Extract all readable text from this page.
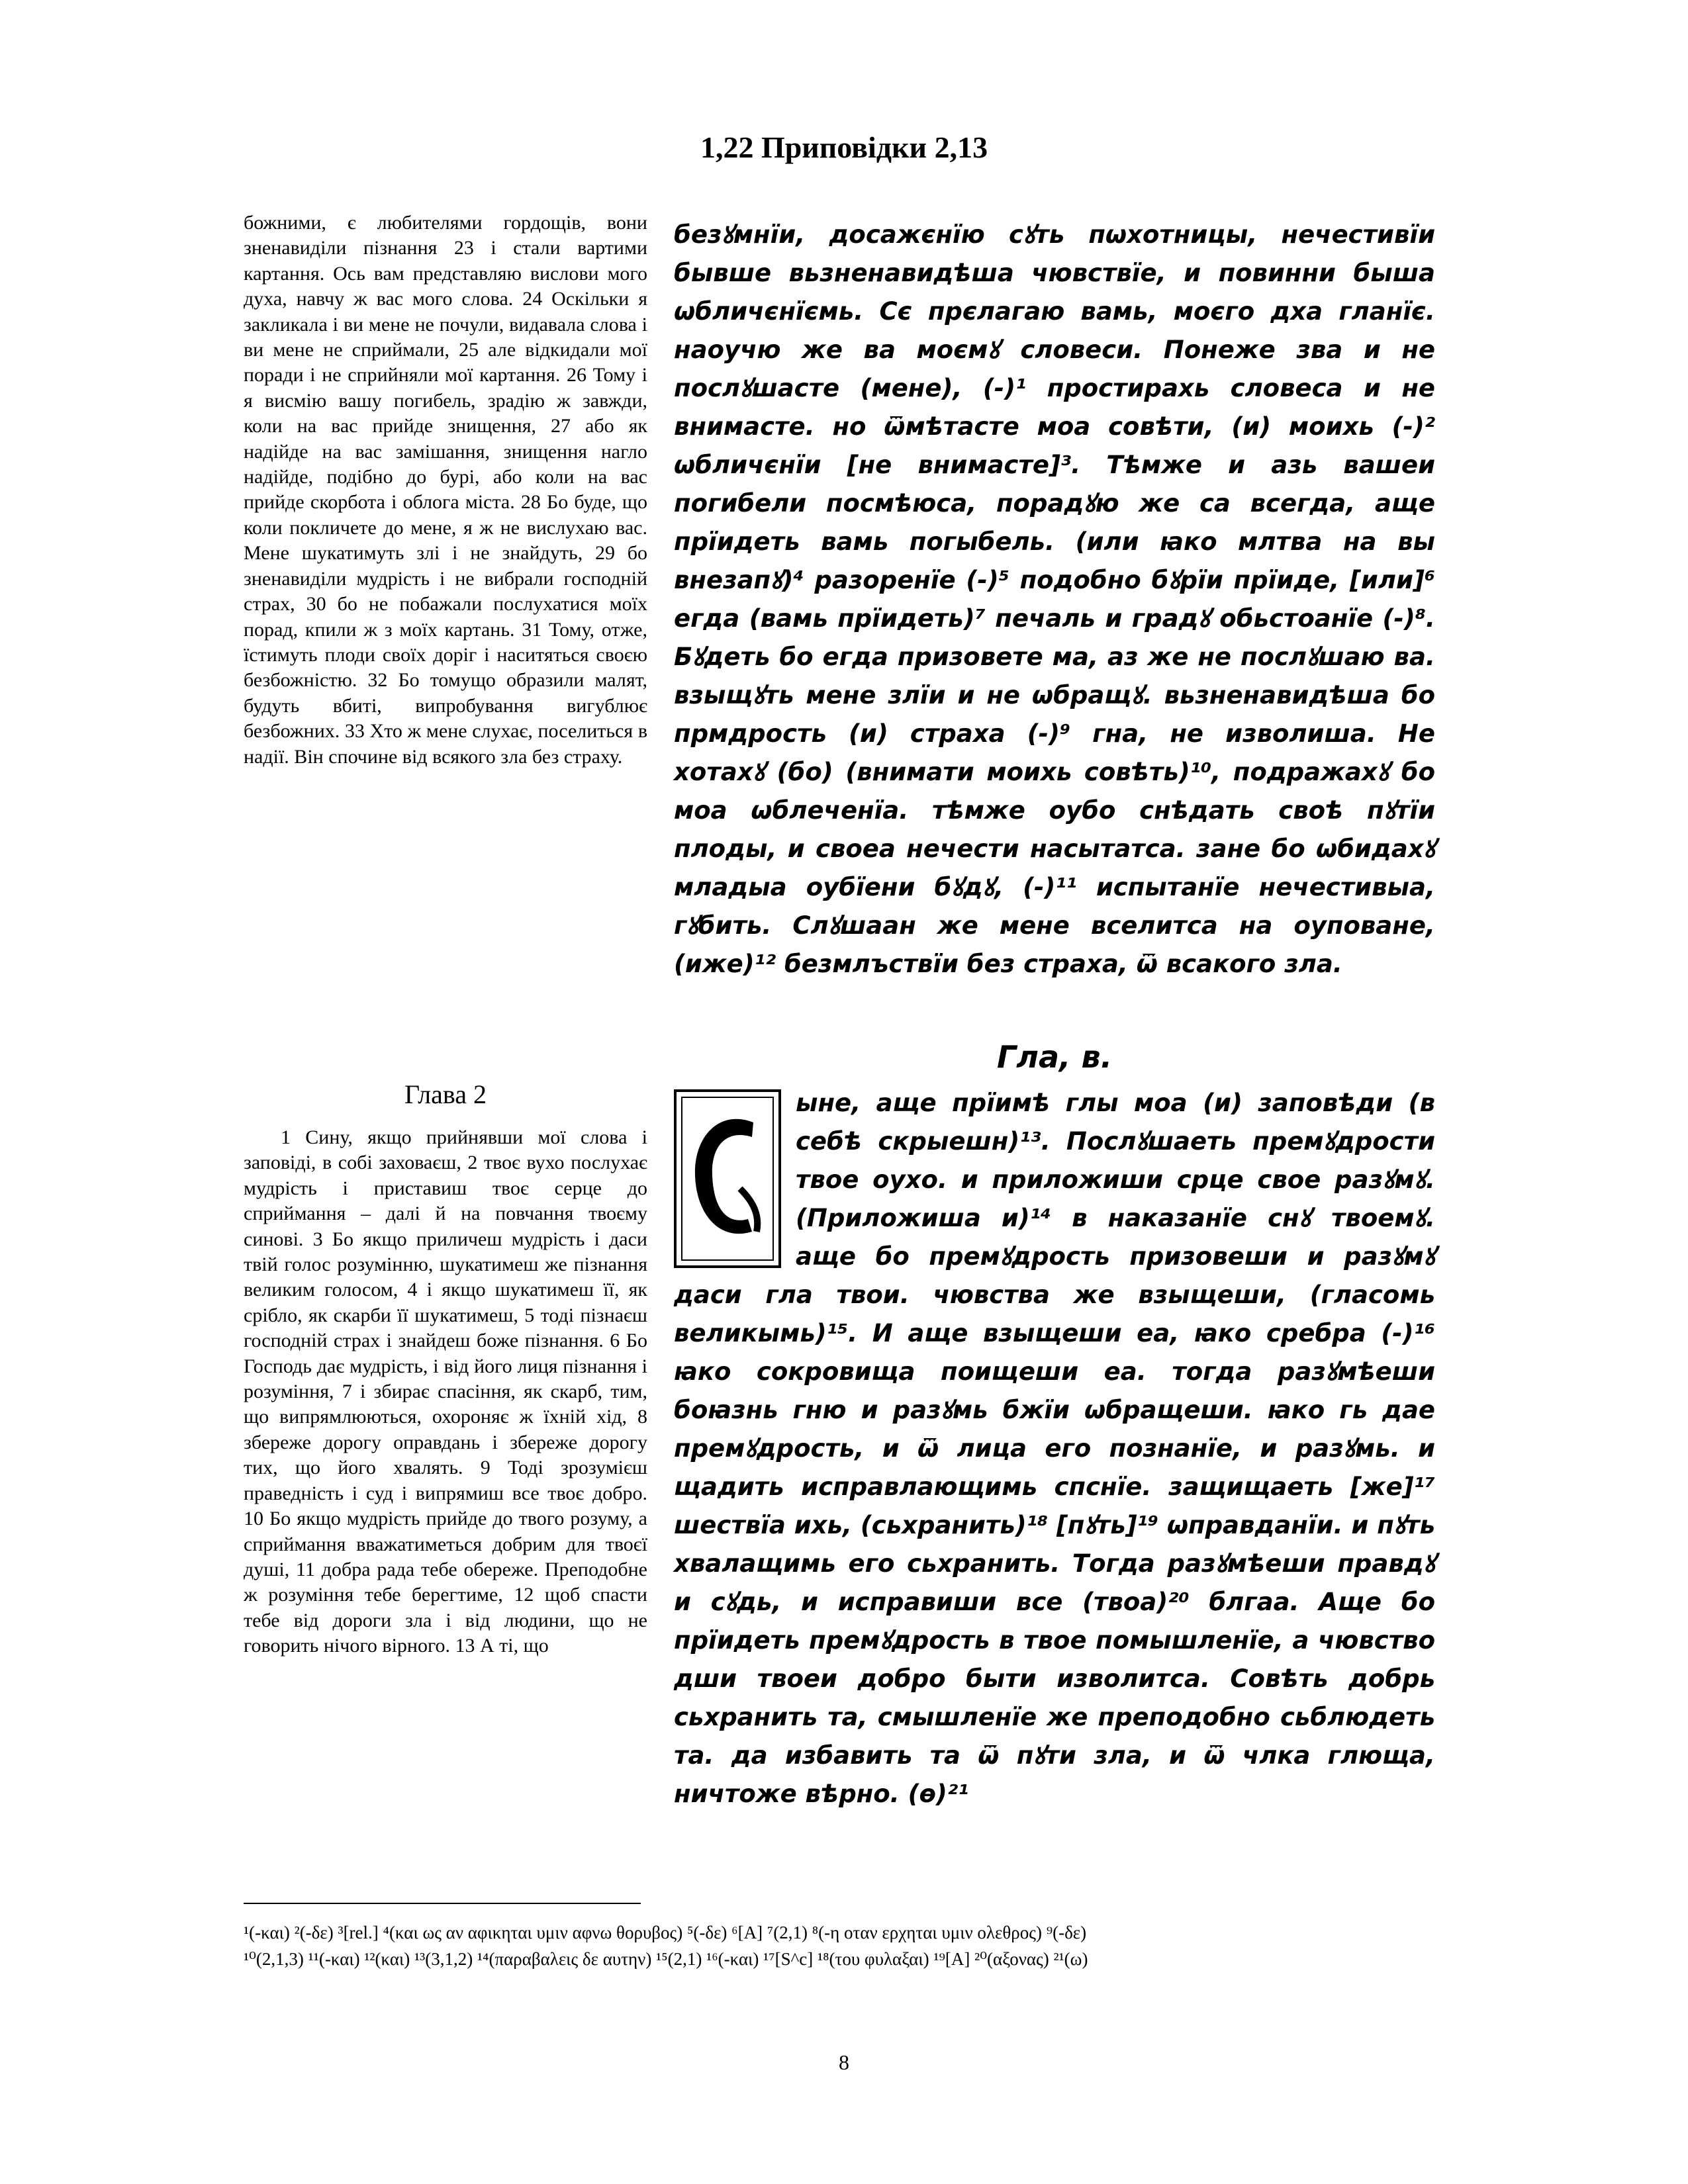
1,22 Приповідки 2,13

божними, є любителями гордощів, вони зненавиділи пізнання 23 і стали вартими картання. Ось вам представляю вислови мого духа, навчу ж вас мого слова. 24 Оскільки я закликала і ви мене не почули, видавала слова і ви мене не сприймали, 25 але відкидали мої поради і не сприйняли мої картання. 26 Тому і я висмію вашу погибель, зрадію ж завжди, коли на вас прийде знищення, 27 або як надійде на вас замішання, знищення нагло надійде, подібно до бурі, або коли на вас прийде скорбота і облога міста. 28 Бо буде, що коли покличете до мене, я ж не вислухаю вас. Мене шукатимуть злі і не знайдуть, 29 бо зненавиділи мудрість і не вибрали господній страх, 30 бо не побажали послухатися моїх порад, кпили ж з моїх картань. 31 Тому, отже, їстимуть плоди своїх доріг і наситяться своєю безбожністю. 32 Бо томущо образили малят, будуть вбиті, випробування вигублює безбожних. 33 Хто ж мене слухає, поселиться в надії. Він спочине від всякого зла без страху.

Глава 2

1 Сину, якщо прийнявши мої слова і заповіді, в собі заховаєш, 2 твоє вухо послухає мудрість і приставиш твоє серце до сприймання – далі й на повчання твоєму синові. 3 Бо якщо приличеш мудрість і даси твій голос розумінню, шукатимеш же пізнання великим голосом, 4 і якщо шукатимеш її, як срібло, як скарби її шукатимеш, 5 тоді пізнаєш господній страх і знайдеш боже пізнання. 6 Бо Господь дає мудрість, і від його лиця пізнання і розуміння, 7 і збирає спасіння, як скарб, тим, що випрямлюються, охороняє ж їхній хід, 8 збереже дорогу оправдань і збереже дорогу тих, що його хвалять. 9 Тоді зрозумієш праведність і суд і випрямиш все твоє добро. 10 Бо якщо мудрість прийде до твого розуму, а сприймання вважатиметься добрим для твоєї душі, 11 добра рада тебе обереже. Преподобне ж розуміння тебе берегтиме, 12 щоб спасти тебе від дороги зла і від людини, що не говорить нічого вірного. 13 А ті, що

безꙋмнїи, досажєнїю сꙋть пѡхотницы, нечестивїи бывше вьзненавидѣша чювствїе, и повинни быша ѡбличєнїємь. Сє прєлагаю вамь, моєго дха гланїє. наоучю же ва моємꙋ словеси. Понеже зва и не послꙋшасте (мене), (-)¹ простирахь словеса и не внимасте. но ѿмѣтасте моа совѣти, (и) моихь (-)² ѡбличєнїи [не внимасте]³. Тѣмже и азь вашеи погибели посмѣюса, порадꙋю же са всегда, аще прїидеть вамь погыбель. (или ꙗко млтва на вы внезапꙋ)⁴ разоренїе (-)⁵ подобно бꙋрїи прїиде, [или]⁶ егда (вамь прїидеть)⁷ печаль и градꙋ обьстоанїе (-)⁸. Бꙋдеть бо егда призовете ма, аз же не послꙋшаю ва. взыщꙋть мене злїи и не ѡбращꙋ. вьзненавидѣша бо прмдрость (и) страха (-)⁹ гна, не изволиша. Не хотахꙋ (бо) (внимати моихь совѣть)¹⁰, подражахꙋ бо моа ѡблеченїа. тѣмже оубо снѣдать своѣ пꙋтїи плоды, и своеа нечести насытатса. зане бо ѡбидахꙋ младыа оубїени бꙋдꙋ, (-)¹¹ испытанїе нечестивыа, гꙋбить. Слꙋшаан же мене вселитса на оуповане, (иже)¹² безмлъствїи без страха, ѿ всакого зла.

Гла, в.

ыне, аще прїимѣ глы моа (и) заповѣди (в себѣ скрыешн)¹³. Послꙋшаеть премꙋдрости твое оухо. и приложиши срце свое разꙋмꙋ. (Приложиша и)¹⁴ в наказанїе снꙋ твоемꙋ. аще бо премꙋдрость призовеши и разꙋмꙋ даси гла твои. чювства же взыщеши, (гласомь великымь)¹⁵. И аще взыщеши еа, ꙗко сребра (-)¹⁶ ꙗко сокровища поищеши еа. тогда разꙋмѣеши боꙗзнь гню и разꙋмь бжїи ѡбращеши. ꙗко гь дае премꙋдрость, и ѿ лица его познанїе, и разꙋмь. и щадить исправлающимь спснїе. защищаеть [же]¹⁷ шествїа ихь, (сьхранить)¹⁸ [пꙋть]¹⁹ ѡправданїи. и пꙋть хвалащимь его сьхранить. Тогда разꙋмѣеши правдꙋ и сꙋдь, и исправиши все (твоа)²⁰ блгаа. Аще бо прїидеть премꙋдрость в твое помышленїе, а чювство дши твоеи добро быти изволитса. Совѣть добрь сьхранить та, смышленїе же преподобно сьблюдеть та. да избавить та ѿ пꙋти зла, и ѿ члка глюща, ничтоже вѣрно. (ѳ)²¹

¹(-και) ²(-δε) ³[rel.] ⁴(και ως αν αφικηται υμιν αφνω θορυβος) ⁵(-δε) ⁶[A] ⁷(2,1) ⁸(-η οταν ερχηται υμιν ολεθρος) ⁹(-δε)
¹⁰(2,1,3) ¹¹(-και) ¹²(και) ¹³(3,1,2) ¹⁴(παραβαλεις δε αυτην) ¹⁵(2,1) ¹⁶(-και) ¹⁷[S^c] ¹⁸(του φυλαξαι) ¹⁹[A] ²⁰(αξονας) ²¹(ω)
8
